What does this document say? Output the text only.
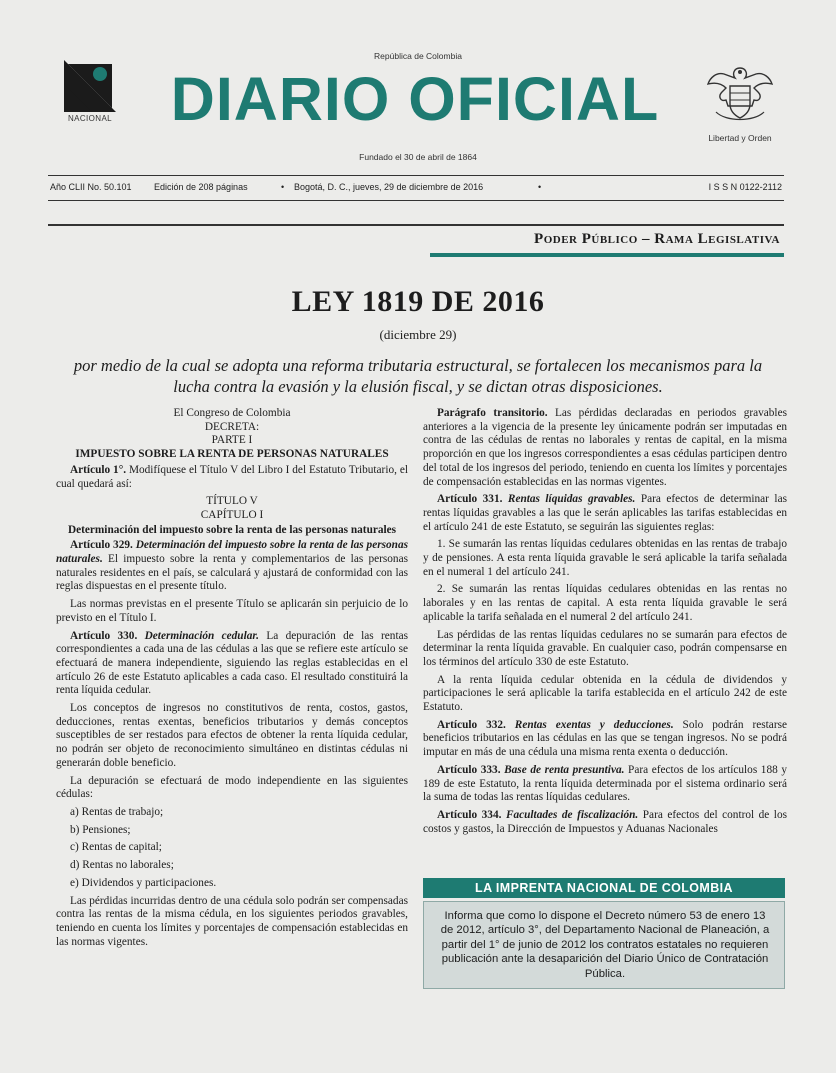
NACIONAL
República de Colombia
DIARIO OFICIAL
Fundado el 30 de abril de 1864
Libertad y Orden
Año CLII No. 50.101 Edición de 208 páginas	• Bogotá, D. C., jueves, 29 de diciembre de 2016	•	I S S N 0122-2112
Poder Público – Rama Legislativa
LEY 1819 DE 2016
(diciembre 29)
por medio de la cual se adopta una reforma tributaria estructural, se fortalecen los mecanismos para la
lucha contra la evasión y la elusión fiscal, y se dictan otras disposiciones.

El Congreso de Colombia

DECRETA:

PARTE I

IMPUESTO SOBRE LA RENTA DE PERSONAS NATURALES

Artículo 1°. Modifíquese el Título V del Libro I del Estatuto Tributario, el cual quedará así:

TÍTULO V

CAPÍTULO I

Determinación del impuesto sobre la renta de las personas naturales

Artículo 329. Determinación del impuesto sobre la renta de las personas naturales. El impuesto sobre la renta y complementarios de las personas naturales residentes en el país, se calculará y ajustará de conformidad con las reglas dispuestas en el presente título.

Las normas previstas en el presente Título se aplicarán sin perjuicio de lo previsto en el Título I.

Artículo 330. Determinación cedular. La depuración de las rentas correspondientes a cada una de las cédulas a las que se refiere este artículo se efectuará de manera independiente, siguiendo las reglas establecidas en el artículo 26 de este Estatuto aplicables a cada caso. El resultado constituirá la renta líquida cedular.

Los conceptos de ingresos no constitutivos de renta, costos, gastos, deducciones, rentas exentas, beneficios tributarios y demás conceptos susceptibles de ser restados para efectos de obtener la renta líquida cedular, no podrán ser objeto de reconocimiento simultáneo en distintas cédulas ni generarán doble beneficio.

La depuración se efectuará de modo independiente en las siguientes cédulas:

a) Rentas de trabajo;

b) Pensiones;

c) Rentas de capital;

d) Rentas no laborales;

e) Dividendos y participaciones.

Las pérdidas incurridas dentro de una cédula solo podrán ser compensadas contra las rentas de la misma cédula, en los siguientes periodos gravables, teniendo en cuenta los límites y porcentajes de compensación establecidas en las normas vigentes.

Parágrafo transitorio. Las pérdidas declaradas en periodos gravables anteriores a la vigencia de la presente ley únicamente podrán ser imputadas en contra de las cédulas de rentas no laborales y rentas de capital, en la misma proporción en que los ingresos correspondientes a esas cédulas participen dentro del total de los ingresos del periodo, teniendo en cuenta los límites y porcentajes de compensación establecidas en las normas vigentes.

Artículo 331. Rentas líquidas gravables. Para efectos de determinar las rentas líquidas gravables a las que le serán aplicables las tarifas establecidas en el artículo 241 de este Estatuto, se seguirán las siguientes reglas:

1. Se sumarán las rentas líquidas cedulares obtenidas en las rentas de trabajo y de pensiones. A esta renta líquida gravable le será aplicable la tarifa señalada en el numeral 1 del artículo 241.

2. Se sumarán las rentas líquidas cedulares obtenidas en las rentas no laborales y en las rentas de capital. A esta renta líquida gravable le será aplicable la tarifa señalada en el numeral 2 del artículo 241.

Las pérdidas de las rentas líquidas cedulares no se sumarán para efectos de determinar la renta líquida gravable. En cualquier caso, podrán compensarse en los términos del artículo 330 de este Estatuto.

A la renta líquida cedular obtenida en la cédula de dividendos y participaciones le será aplicable la tarifa establecida en el artículo 242 de este Estatuto.

Artículo 332. Rentas exentas y deducciones. Solo podrán restarse beneficios tributarios en las cédulas en las que se tengan ingresos. No se podrá imputar en más de una cédula una misma renta exenta o deducción.

Artículo 333. Base de renta presuntiva. Para efectos de los artículos 188 y 189 de este Estatuto, la renta líquida determinada por el sistema ordinario será la suma de todas las rentas líquidas cedulares.

Artículo 334. Facultades de fiscalización. Para efectos del control de los costos y gastos, la Dirección de Impuestos y Aduanas Nacionales

LA IMPRENTA NACIONAL DE COLOMBIA
Informa que como lo dispone el Decreto número 53 de enero 13 de 2012, artículo 3°, del Departamento Nacional de Planeación, a partir del 1° de junio de 2012 los contratos estatales no requieren publicación ante la desaparición del Diario Único de Contratación Pública.
